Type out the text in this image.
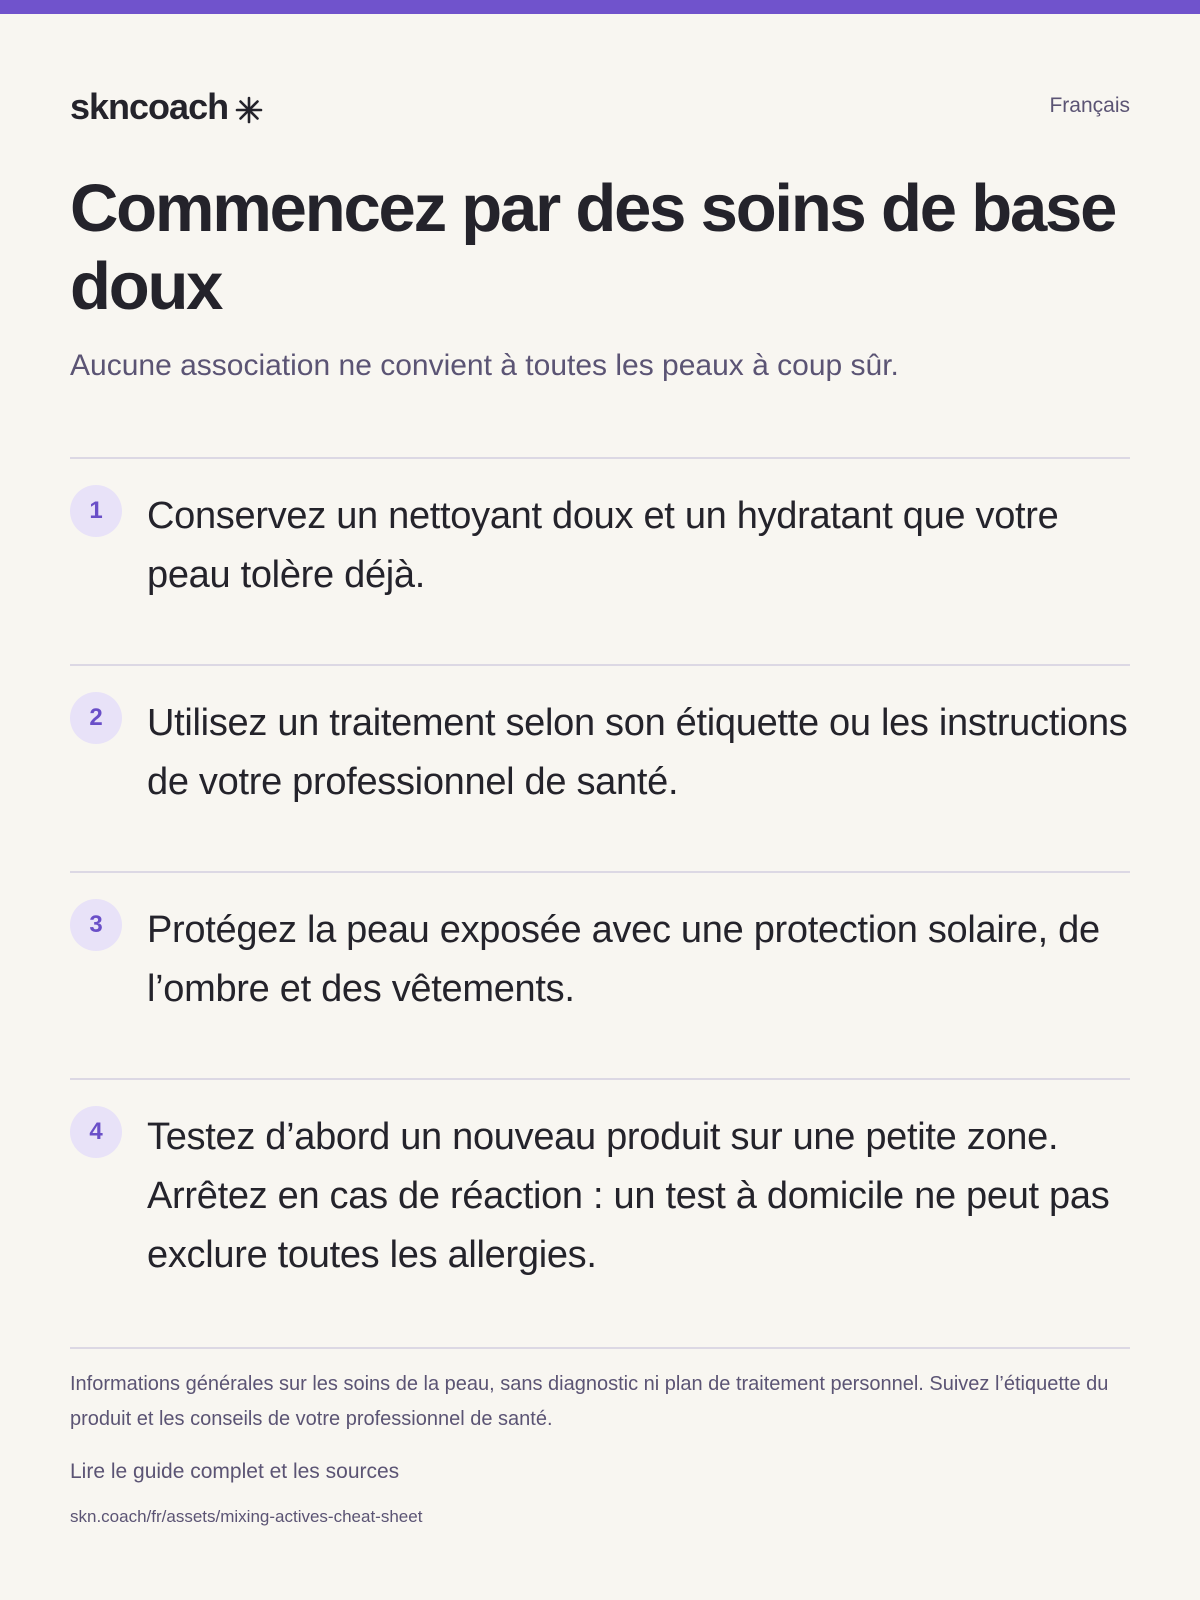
skncoach	Français
Commencez par des soins de base doux

Aucune association ne convient à toutes les peaux à coup sûr.

1	Conservez un nettoyant doux et un hydratant que votre peau tolère déjà.
2	Utilisez un traitement selon son étiquette ou les instructions de votre professionnel de santé.
3	Protégez la peau exposée avec une protection solaire, de l’ombre et des vêtements.
4	Testez d’abord un nouveau produit sur une petite zone. Arrêtez en cas de réaction : un test à domicile ne peut pas exclure toutes les allergies.

Informations générales sur les soins de la peau, sans diagnostic ni plan de traitement personnel. Suivez l’étiquette du produit et les conseils de votre professionnel de santé.

Lire le guide complet et les sources
skn.coach/fr/assets/mixing-actives-cheat-sheet
